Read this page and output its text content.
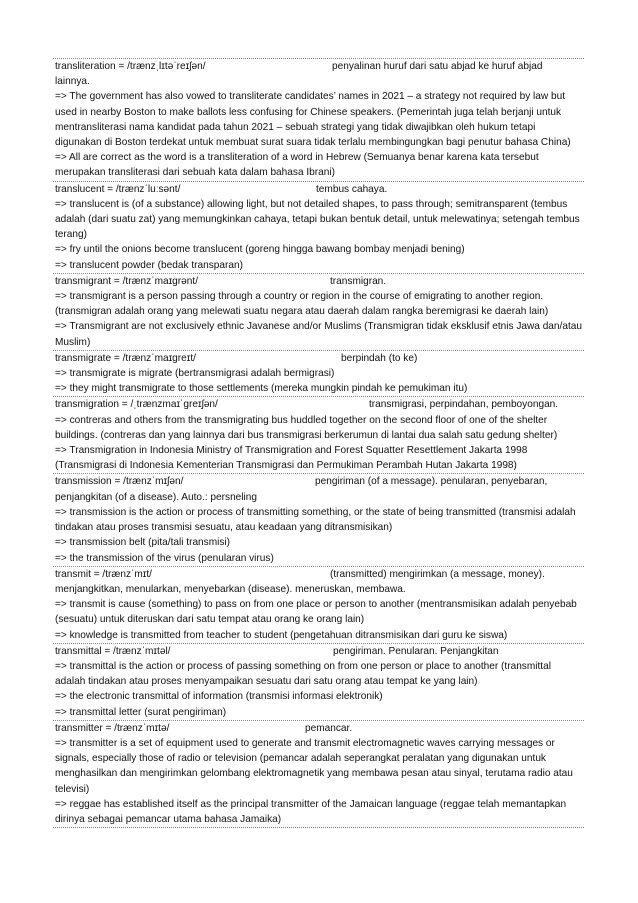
transliteration = /trænzˌlɪtəˈreɪʃən/	penyalinan huruf dari satu abjad ke huruf abjad
lainnya.
=> The government has also vowed to transliterate candidates’ names in 2021 – a strategy not required by law but used in nearby Boston to make ballots less confusing for Chinese speakers. (Pemerintah juga telah berjanji untuk mentransliterasi nama kandidat pada tahun 2021 – sebuah strategi yang tidak diwajibkan oleh hukum tetapi digunakan di Boston terdekat untuk membuat surat suara tidak terlalu membingungkan bagi penutur bahasa China)
=> All are correct as the word is a transliteration of a word in Hebrew (Semuanya benar karena kata tersebut merupakan transliterasi dari sebuah kata dalam bahasa Ibrani)
translucent = /trænzˈluːsənt/	tembus cahaya.
=> translucent is (of a substance) allowing light, but not detailed shapes, to pass through; semitransparent (tembus adalah (dari suatu zat) yang memungkinkan cahaya, tetapi bukan bentuk detail, untuk melewatinya; setengah tembus terang)
=> fry until the onions become translucent (goreng hingga bawang bombay menjadi bening)
=> translucent powder (bedak transparan)
transmigrant = /trænzˈmaɪgrənt/	transmigran.
=> transmigrant is a person passing through a country or region in the course of emigrating to another region. (transmigran adalah orang yang melewati suatu negara atau daerah dalam rangka beremigrasi ke daerah lain)
=> Transmigrant are not exclusively ethnic Javanese and/or Muslims (Transmigran tidak eksklusif etnis Jawa dan/atau Muslim)
transmigrate = /trænzˈmaɪgreɪt/	berpindah (to ke)
=> transmigrate is migrate (bertransmigrasi adalah bermigrasi)
=> they might transmigrate to those settlements (mereka mungkin pindah ke pemukiman itu)
transmigration = /ˌtrænzmaɪˈgreɪʃən/	transmigrasi, perpindahan, pemboyongan.
=> contreras and others from the transmigrating bus huddled together on the second floor of one of the shelter buildings. (contreras dan yang lainnya dari bus transmigrasi berkerumun di lantai dua salah satu gedung shelter)
=> Transmigration in Indonesia Ministry of Transmigration and Forest Squatter Resettlement Jakarta 1998 (Transmigrasi di Indonesia Kementerian Transmigrasi dan Permukiman Perambah Hutan Jakarta 1998)
transmission = /trænzˈmɪʃən/	pengiriman (of a message). penularan, penyebaran,
penjangkitan (of a disease). Auto.: persneling
=> transmission is the action or process of transmitting something, or the state of being transmitted (transmisi adalah tindakan atau proses transmisi sesuatu, atau keadaan yang ditransmisikan)
=> transmission belt (pita/tali transmisi)
=> the transmission of the virus (penularan virus)
transmit = /trænzˈmɪt/	(transmitted) mengirimkan (a message, money).
menjangkitkan, menularkan, menyebarkan (disease). meneruskan, membawa.
=> transmit is cause (something) to pass on from one place or person to another (mentransmisikan adalah penyebab (sesuatu) untuk diteruskan dari satu tempat atau orang ke orang lain)
=> knowledge is transmitted from teacher to student (pengetahuan ditransmisikan dari guru ke siswa)
transmittal = /trænzˈmɪtəl/	pengiriman. Penularan. Penjangkitan
=> transmittal is the action or process of passing something on from one person or place to another (transmittal adalah tindakan atau proses menyampaikan sesuatu dari satu orang atau tempat ke yang lain)
=> the electronic transmittal of information (transmisi informasi elektronik)
=> transmittal letter (surat pengiriman)
transmitter = /trænzˈmɪtə/	pemancar.
=> transmitter is a set of equipment used to generate and transmit electromagnetic waves carrying messages or signals, especially those of radio or television (pemancar adalah seperangkat peralatan yang digunakan untuk menghasilkan dan mengirimkan gelombang elektromagnetik yang membawa pesan atau sinyal, terutama radio atau televisi)
=> reggae has established itself as the principal transmitter of the Jamaican language (reggae telah memantapkan dirinya sebagai pemancar utama bahasa Jamaika)
